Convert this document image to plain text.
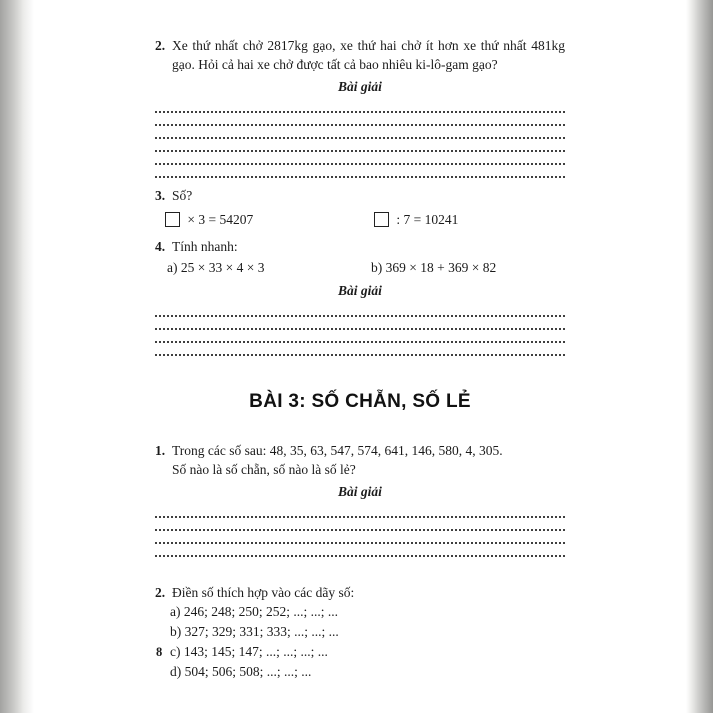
2. Xe thứ nhất chở 2817kg gạo, xe thứ hai chở ít hơn xe thứ nhất 481kg gạo. Hỏi cả hai xe chở được tất cả bao nhiêu ki-lô-gam gạo?
Bài giải
3. Số?
× 3 = 54207	: 7 = 10241
4. Tính nhanh:
a) 25 × 33 × 4 × 3	b) 369 × 18 + 369 × 82
Bài giải
BÀI 3: SỐ CHẴN, SỐ LẺ
1. Trong các số sau: 48, 35, 63, 547, 574, 641, 146, 580, 4, 305.
Số nào là số chẵn, số nào là số lẻ?
Bài giải
2. Điền số thích hợp vào các dãy số:
a) 246; 248; 250; 252; ...; ...; ...
b) 327; 329; 331; 333; ...; ...; ...
c) 143; 145; 147; ...; ...; ...; ...
d) 504; 506; 508; ...; ...; ...
8
